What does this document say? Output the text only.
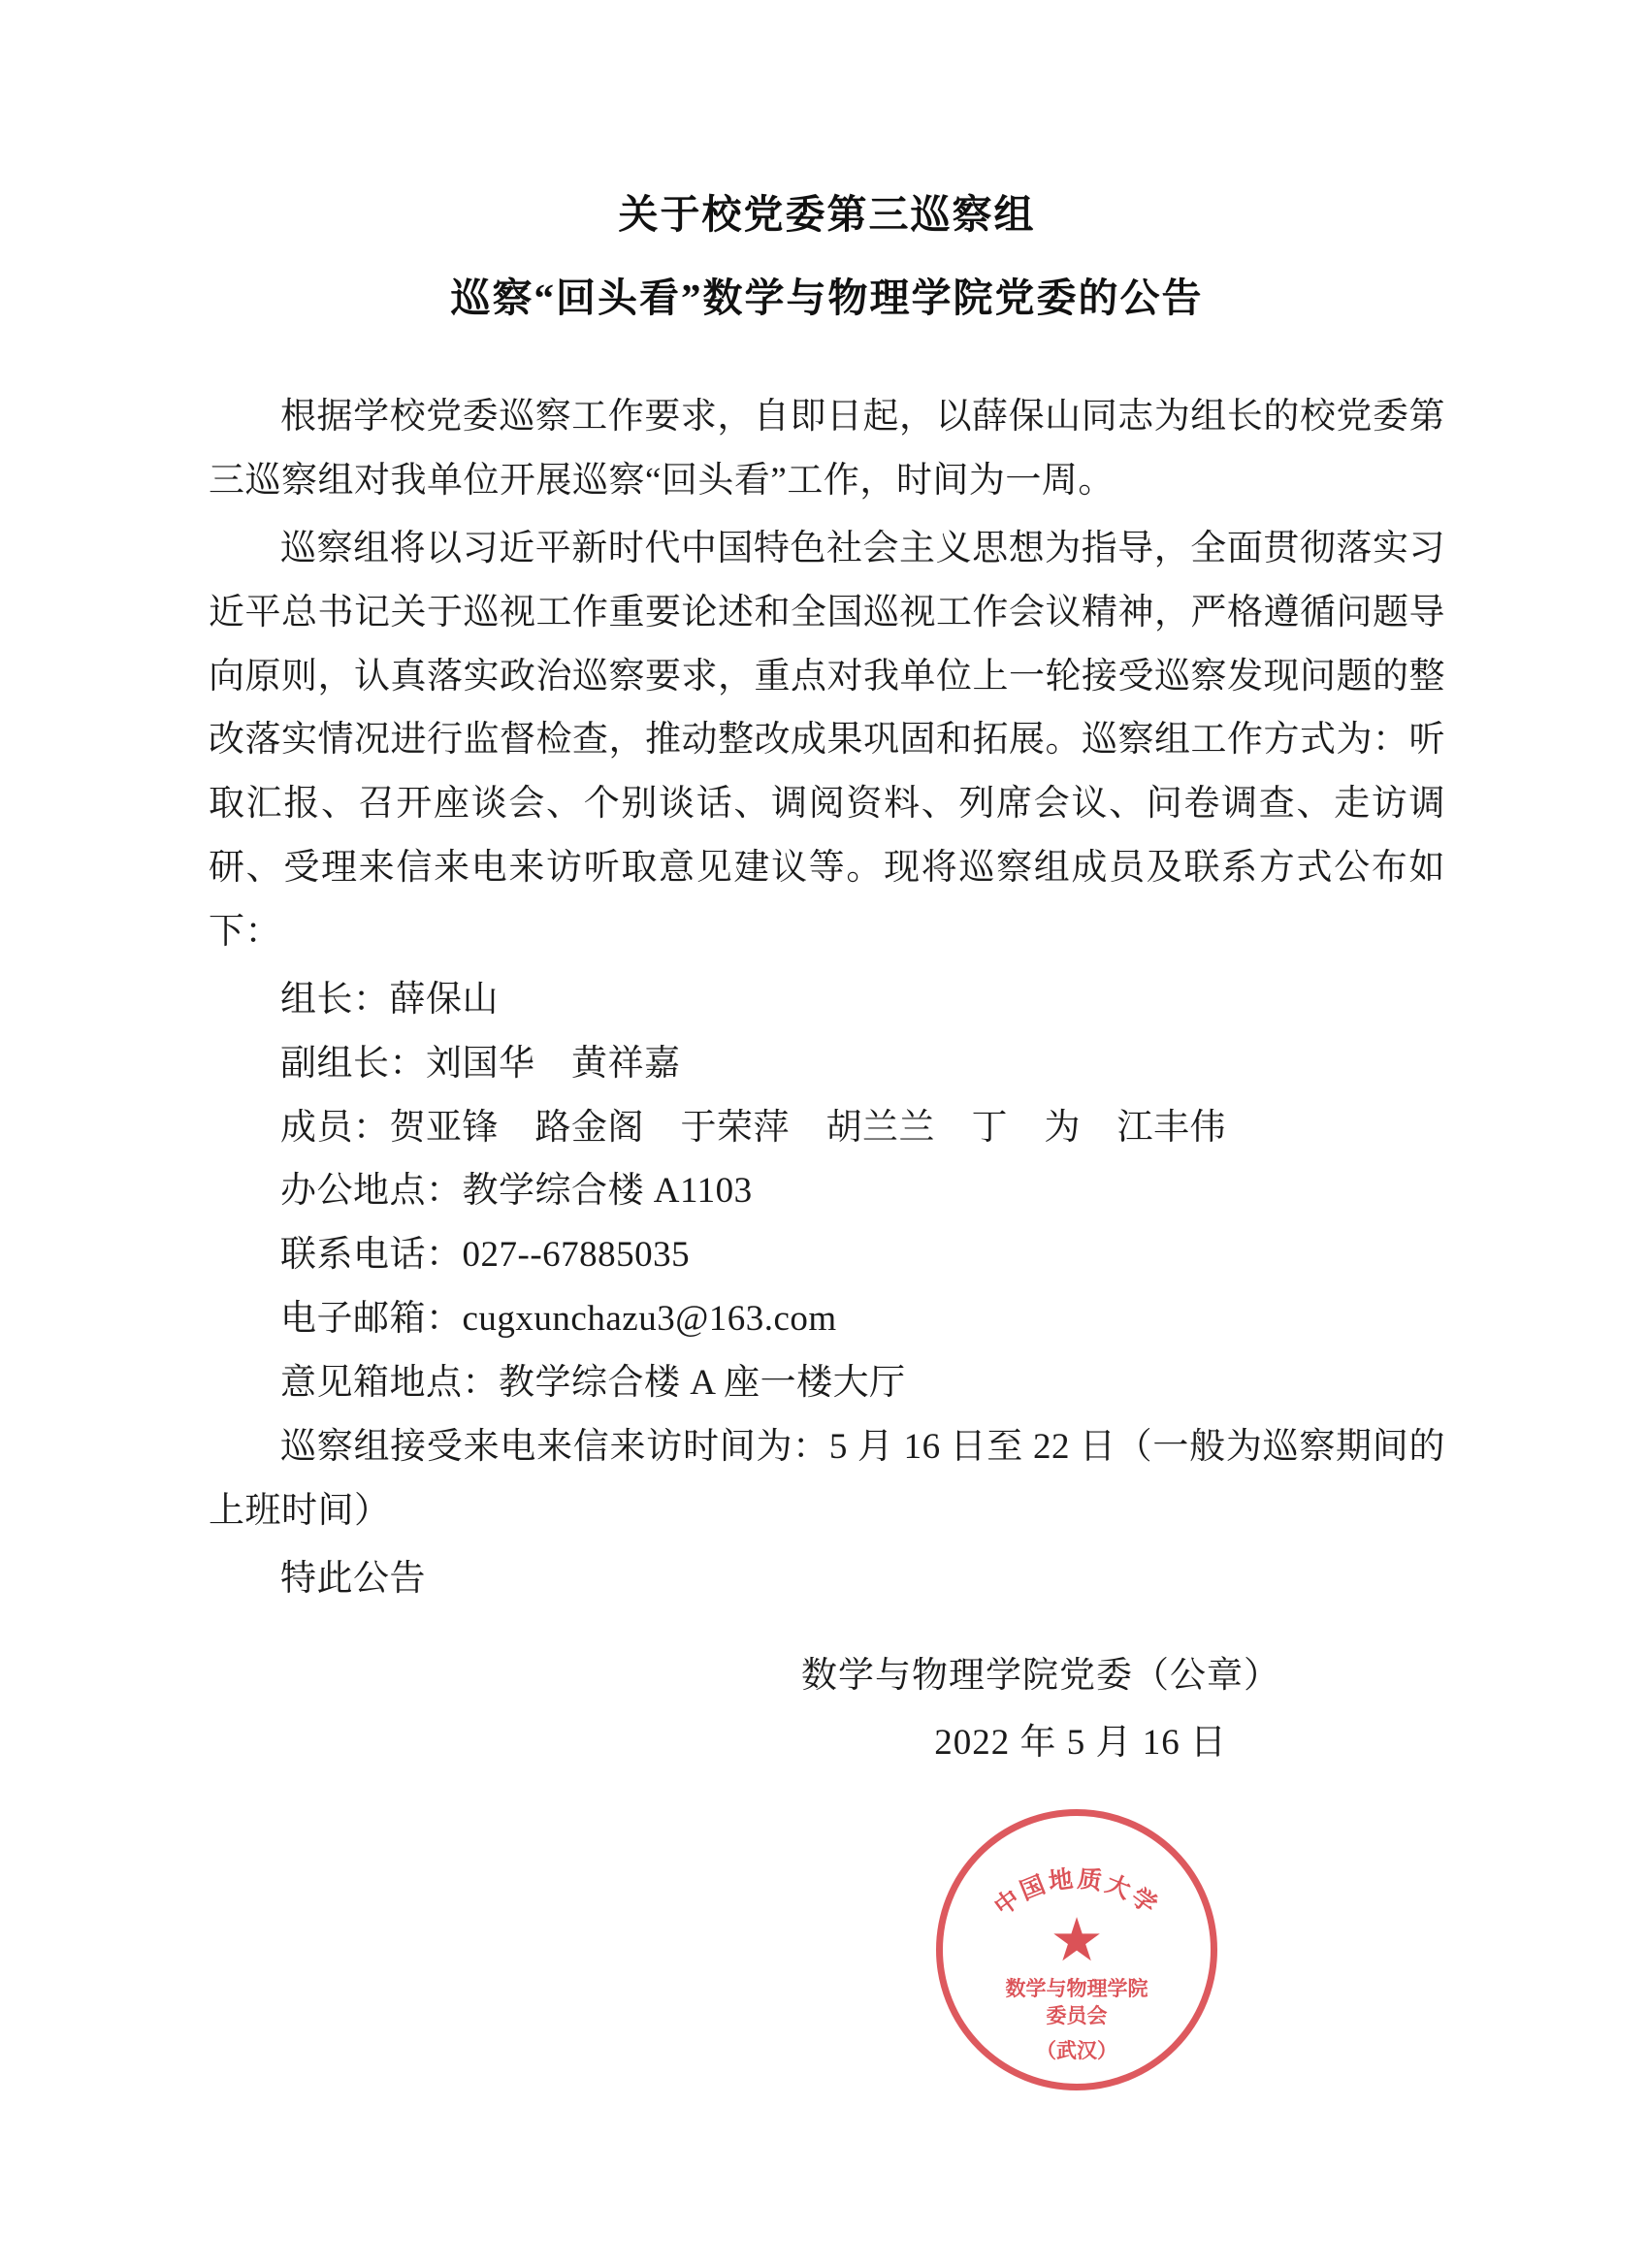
关于校党委第三巡察组
巡察“回头看”数学与物理学院党委的公告

根据学校党委巡察工作要求，自即日起，以薛保山同志为组长的校党委第三巡察组对我单位开展巡察“回头看”工作，时间为一周。

巡察组将以习近平新时代中国特色社会主义思想为指导，全面贯彻落实习近平总书记关于巡视工作重要论述和全国巡视工作会议精神，严格遵循问题导向原则，认真落实政治巡察要求，重点对我单位上一轮接受巡察发现问题的整改落实情况进行监督检查，推动整改成果巩固和拓展。巡察组工作方式为：听取汇报、召开座谈会、个别谈话、调阅资料、列席会议、问卷调查、走访调研、受理来信来电来访听取意见建议等。现将巡察组成员及联系方式公布如下：

组长：薛保山

副组长：刘国华　黄祥嘉

成员：贺亚锋　路金阁　于荣萍　胡兰兰　丁　为　江丰伟

办公地点：教学综合楼 A1103

联系电话：027--67885035

电子邮箱：cugxunchazu3@163.com

意见箱地点：教学综合楼 A 座一楼大厅

巡察组接受来电来信来访时间为：5 月 16 日至 22 日（一般为巡察期间的上班时间）

特此公告

数学与物理学院党委（公章）
2022 年 5 月 16 日
中国地质大学
★
数学与物理学院
委员会
（武汉）
